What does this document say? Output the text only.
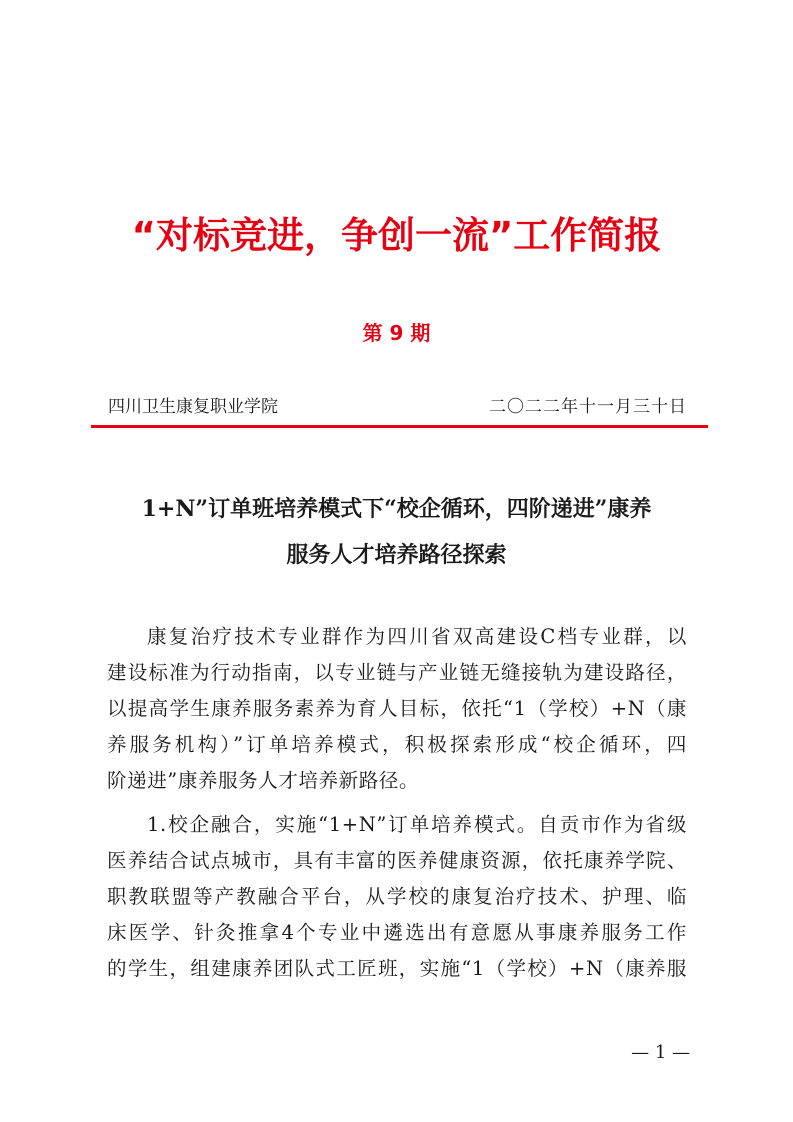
“对标竞进，争创一流”工作简报
第 9 期
四川卫生康复职业学院	二〇二二年十一月三十日
1+N”订单班培养模式下“校企循环，四阶递进”康养
服务人才培养路径探索

康复治疗技术专业群作为四川省双高建设C档专业群，以

建设标准为行动指南，以专业链与产业链无缝接轨为建设路径，

以提高学生康养服务素养为育人目标，依托“1（学校）+N（康

养服务机构）”订单培养模式，积极探索形成“校企循环，四

阶递进”康养服务人才培养新路径。

1.校企融合，实施“1+N”订单培养模式。自贡市作为省级

医养结合试点城市，具有丰富的医养健康资源，依托康养学院、

职教联盟等产教融合平台，从学校的康复治疗技术、护理、临

床医学、针灸推拿4个专业中遴选出有意愿从事康养服务工作

的学生，组建康养团队式工匠班，实施“1（学校）+N（康养服

— 1 —
